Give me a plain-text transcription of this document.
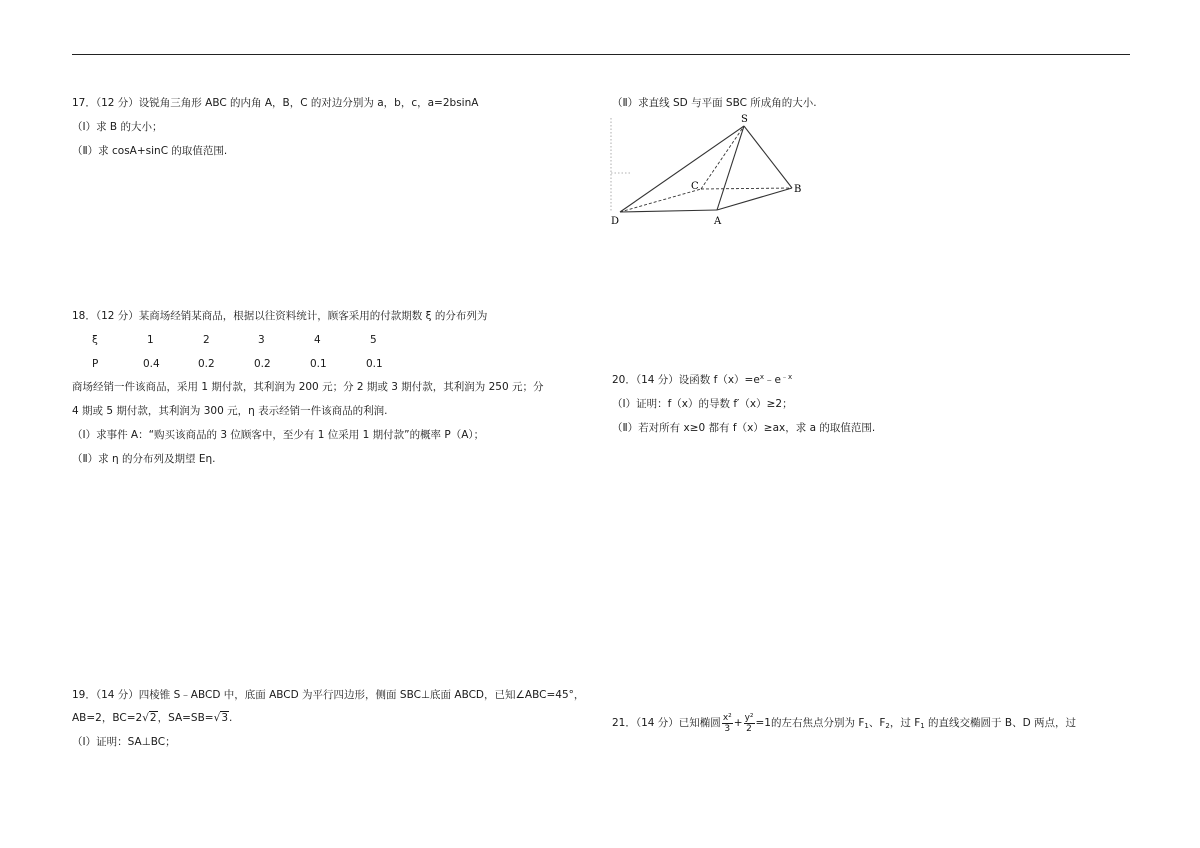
17．（12 分）设锐角三角形 ABC 的内角 A，B，C 的对边分别为 a，b，c，a=2bsinA
（Ⅰ）求 B 的大小；
（Ⅱ）求 cosA+sinC 的取值范围.
18．（12 分）某商场经销某商品，根据以往资料统计，顾客采用的付款期数 ξ 的分布列为
ξ	1	2	3	4	5
P	0.4	0.2	0.2	0.1	0.1
商场经销一件该商品，采用 1 期付款，其利润为 200 元；分 2 期或 3 期付款，其利润为 250 元；分
4 期或 5 期付款，其利润为 300 元，η 表示经销一件该商品的利润.
（Ⅰ）求事件 A：“购买该商品的 3 位顾客中，至少有 1 位采用 1 期付款”的概率 P（A）；
（Ⅱ）求 η 的分布列及期望 Eη.
19．（14 分）四棱锥 S﹣ABCD 中，底面 ABCD 为平行四边形，侧面 SBC⊥底面 ABCD，已知∠ABC=45°，
AB=2，BC=2√2，SA=SB=√3.
（Ⅰ）证明：SA⊥BC；
（Ⅱ）求直线 SD 与平面 SBC 所成角的大小.
S
C	B
D	A
20．（14 分）设函数 $f(x)=e^x﹣e^{﹣x}$
（Ⅰ）证明：f（x）的导数 f′（x）≥2；
（Ⅱ）若对所有 x≥0 都有 f（x）≥ax，求 a 的取值范围.
21．（14 分）已知椭圆 $\frac{\text{x²}}{3} + \frac{\text{y²}}{2} =1$的左右焦点分别为 $F_1$、$F_2$，过 $F_1$ 的直线交椭圆于 B、D 两点，过
